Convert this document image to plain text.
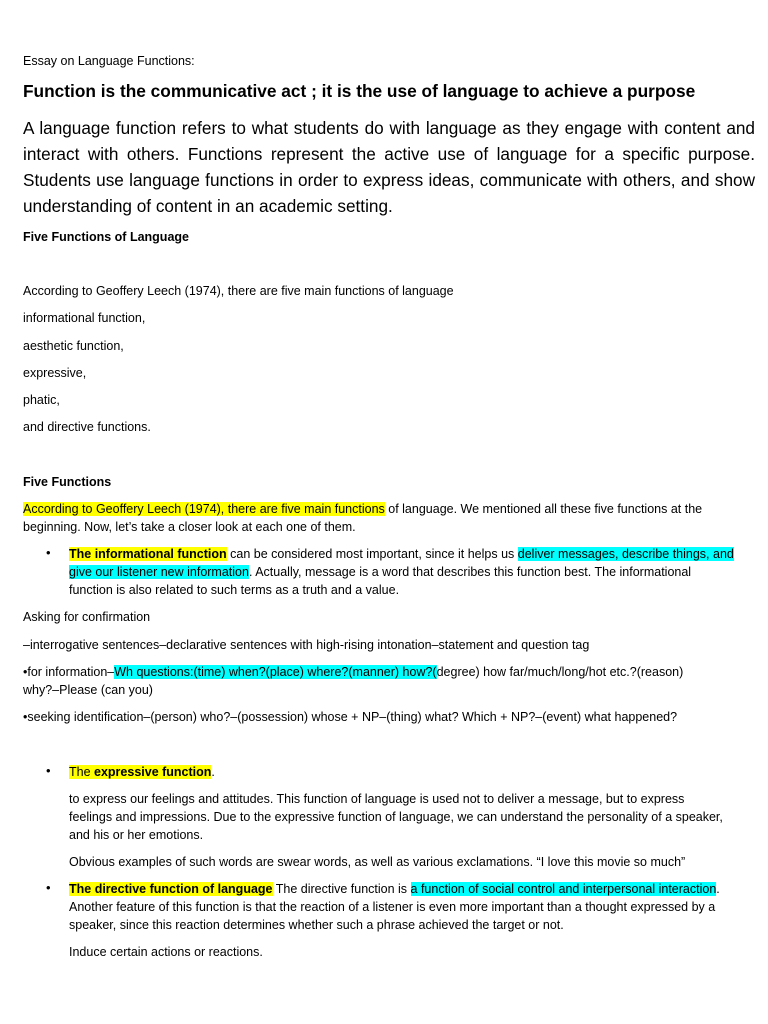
Essay on Language Functions:
Function is the communicative act ; it is the use of language to achieve a purpose
A language function refers to what students do with language as they engage with content and interact with others. Functions represent the active use of language for a specific purpose. Students use language functions in order to express ideas, communicate with others, and show understanding of content in an academic setting.
Five Functions of Language
According to Geoffery Leech (1974), there are five main functions of language
informational function,
aesthetic function,
expressive,
phatic,
and directive functions.
Five Functions
According to Geoffery Leech (1974), there are five main functions of language. We mentioned all these five functions at the
beginning. Now, let’s take a closer look at each one of them.
• The informational function can be considered most important, since it helps us deliver messages, describe things, and
give our listener new information. Actually, message is a word that describes this function best. The informational
function is also related to such terms as a truth and a value.
Asking for confirmation
–interrogative sentences–declarative sentences with high-rising intonation–statement and question tag
•for information–Wh questions:(time) when?(place) where?(manner) how?(degree) how far/much/long/hot etc.?(reason)
why?–Please (can you)
•seeking identification–(person) who?–(possession) whose + NP–(thing) what? Which + NP?–(event) what happened?
• The expressive function.
to express our feelings and attitudes. This function of language is used not to deliver a message, but to express
feelings and impressions. Due to the expressive function of language, we can understand the personality of a speaker,
and his or her emotions.
Obvious examples of such words are swear words, as well as various exclamations. “I love this movie so much”
• The directive function of language The directive function is a function of social control and interpersonal interaction.
Another feature of this function is that the reaction of a listener is even more important than a thought expressed by a
speaker, since this reaction determines whether such a phrase achieved the target or not.
Induce certain actions or reactions.
